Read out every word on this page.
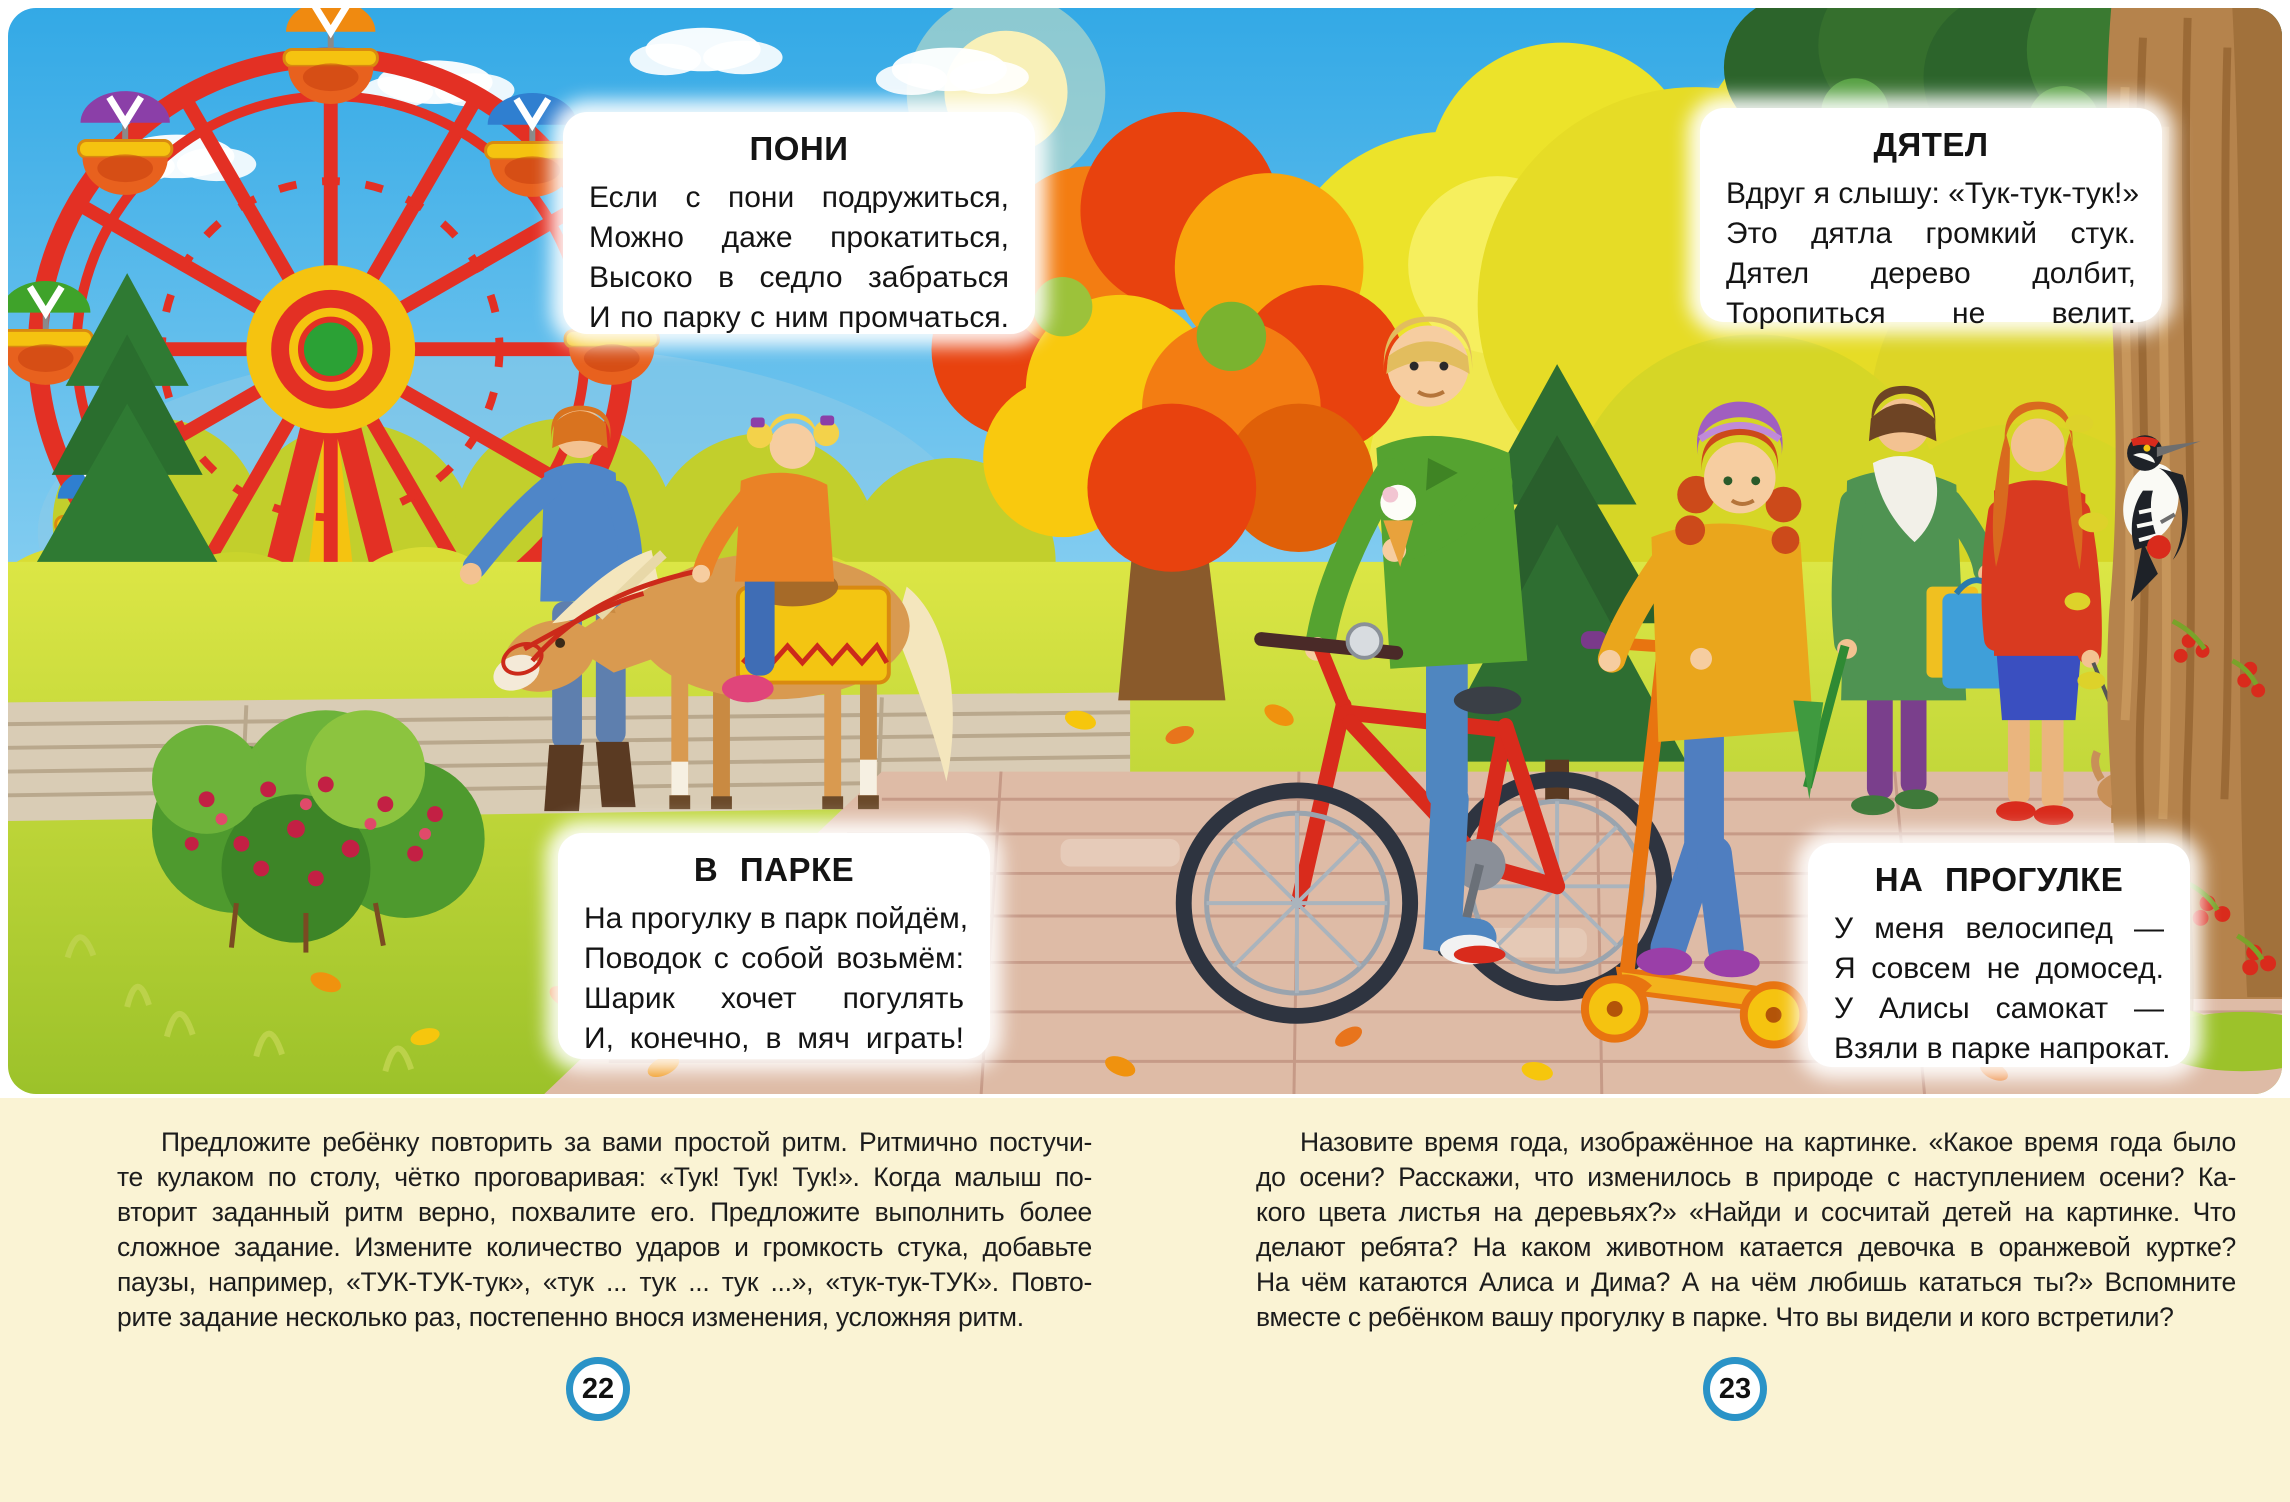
ПОНИ
Если с пони подружиться,
Можно даже прокатиться,
Высоко в седло забраться
И по парку с ним промчаться.
ДЯТЕЛ
Вдруг я слышу: «Тук-тук-тук!»
Это дятла громкий стук.
Дятел дерево долбит,
Торопиться не велит.
В ПАРКЕ
На прогулку в парк пойдём,
Поводок с собой возьмём:
Шарик хочет погулять
И, конечно, в мяч играть!
НА ПРОГУЛКЕ
У меня велосипед —
Я совсем не домосед.
У Алисы самокат —
Взяли в парке напрокат.
Предложите ребёнку повторить за вами простой ритм. Ритмично постучи-
те кулаком по столу, чётко проговаривая: «Тук! Тук! Тук!». Когда малыш по-
вторит заданный ритм верно, похвалите его. Предложите выполнить более
сложное задание. Измените количество ударов и громкость стука, добавьте
паузы, например, «ТУК-ТУК-тук», «тук ... тук ... тук ...», «тук-тук-ТУК». Повто-
рите задание несколько раз, постепенно внося изменения, усложняя ритм.
Назовите время года, изображённое на картинке. «Какое время года было
до осени? Расскажи, что изменилось в природе с наступлением осени? Ка-
кого цвета листья на деревьях?» «Найди и сосчитай детей на картинке. Что
делают ребята? На каком животном катается девочка в оранжевой куртке?
На чём катаются Алиса и Дима? А на чём любишь кататься ты?» Вспомните
вместе с ребёнком вашу прогулку в парке. Что вы видели и кого встретили?
22	23
